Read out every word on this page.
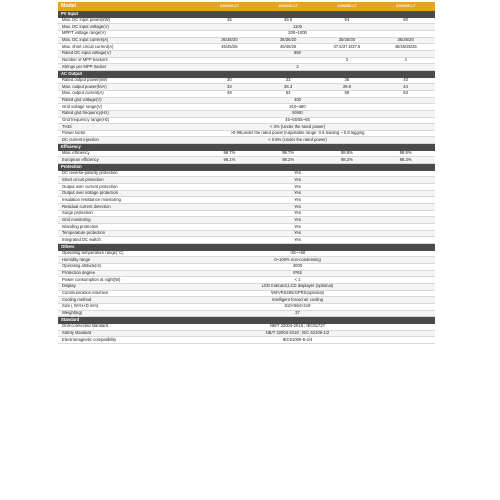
Model	ASW40K-LT	ASW40K-LT	ASW50K-LT	ASW50K-LT
PV Input
Max. DC input power(kW)	45	49.5	54	60
Max. DC input voltage(V)	1100
MPPT voltage range(V)	200~1000
Max. DC input current(A)	36/36/20	36/36/20	30/30/30	36/36/20
Max. short circuit current(A)	45/45/25	45/45/25	37.5/37.5/37.5	45/45/25/25
Rated DC input voltage(V)	650
Number of MPP trackers	3	4
Strings per MPP tracker	2
AC Output
Rated output power(kW)	30	33	36	40
Max. output power(kVA)	33	36.3	39.6	44
Max. output current(A)	48	53	58	63
Rated grid voltage(V)	400
Grid voltage range(V)	310~480
Rated grid frequency(Hz)	50/60
Grid frequency range(Hz)	45~55/55~65
THDi	< 3% (Under the rated power)
Power factor	>0.99(under the rated power)Adjustable range: 0.8 leading ~ 0.8 lagging
DC current injection	< 0.5% (Under the rated power)
Efficiency
Max. efficiency	98.7%	98.7%	98.8%	98.8%
European efficiency	98.1%	98.2%	98.2%	98.3%
Protection
DC reverse-polarity protection	Yes
Short circuit protection	Yes
Output over current protection	Yes
Output over voltage protection	Yes
Insulation resistance monitoring	Yes
Residual current detection	Yes
Surge protection	Yes
Grid monitoring	Yes
Islanding protection	Yes
Temperature protection	Yes
Integrated DC switch	Yes
Others
Operating temperature range(°C)	-25~+60
Humidity range	0~100% non-condensing
Operating altitude(m)	4000
Protection degree	IP65
Power consumption at night(W)	< 1
Display	LED Indicator,LCD displayer (optional)
Communication interface	WiFi/RS485/GPRS(optional)
Cooling method	Intelligent forced air cooling
Size ( W×H×D mm)	610×564×218
Weight(kg)	37
Standard
Grid-connected standard	NB/T 32004-2018 ; IEC61727
Safety standard	NB/T 32004-2018 ; IEC 62109-1/2
Electromagnetic compatibility	IEC61000-6-2/4
